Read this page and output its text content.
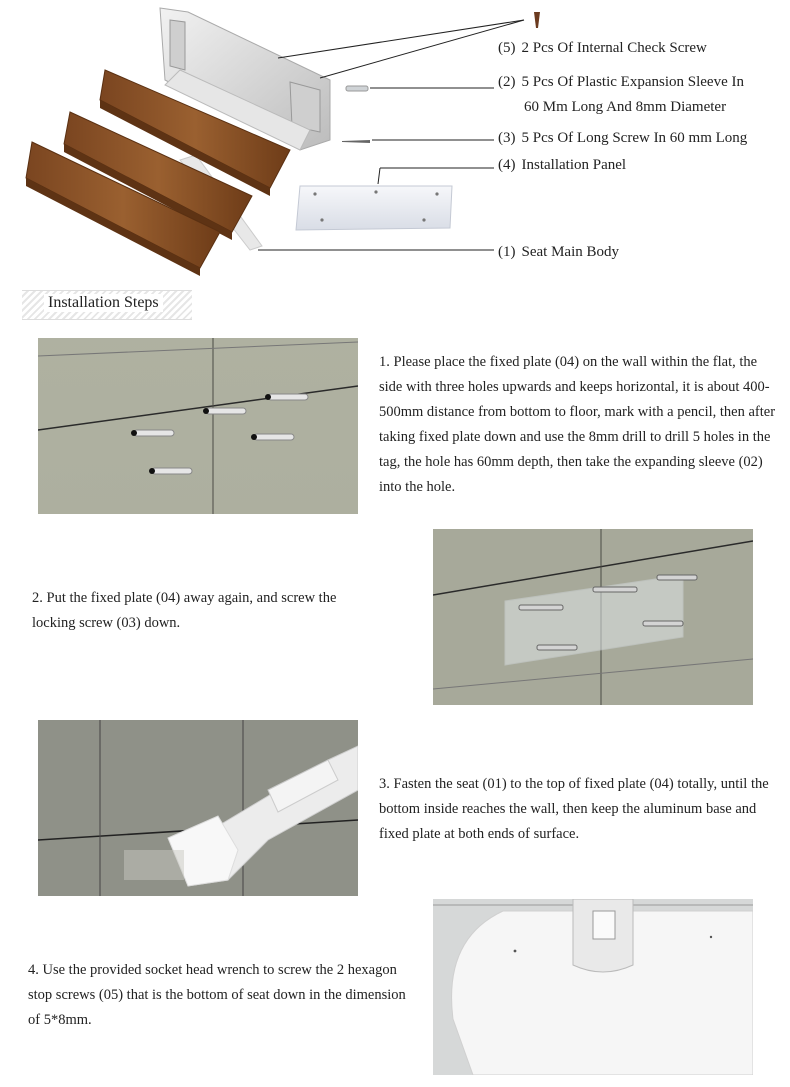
(5) 2 Pcs Of Internal Check Screw
(2) 5 Pcs Of Plastic Expansion Sleeve In
60 Mm Long And 8mm Diameter
(3) 5 Pcs Of Long Screw In 60 mm Long
(4) Installation Panel
(1) Seat Main Body
Installation Steps
1. Please place the fixed plate (04) on the wall within the flat, the side with three holes upwards and keeps horizontal, it is about 400-500mm distance from bottom to floor, mark with a pencil, then after taking fixed plate down and use the 8mm drill to drill 5 holes in the tag, the hole has 60mm depth, then take the expanding sleeve (02) into the hole.
2. Put the fixed plate (04) away again, and screw the locking screw (03) down.
3. Fasten the seat (01) to the top of fixed plate (04) totally, until the bottom inside reaches the wall, then keep the aluminum base and fixed plate at both ends of surface.
4. Use the provided socket head wrench to screw the 2 hexagon stop screws (05) that is the bottom of seat down in the dimension of 5*8mm.
